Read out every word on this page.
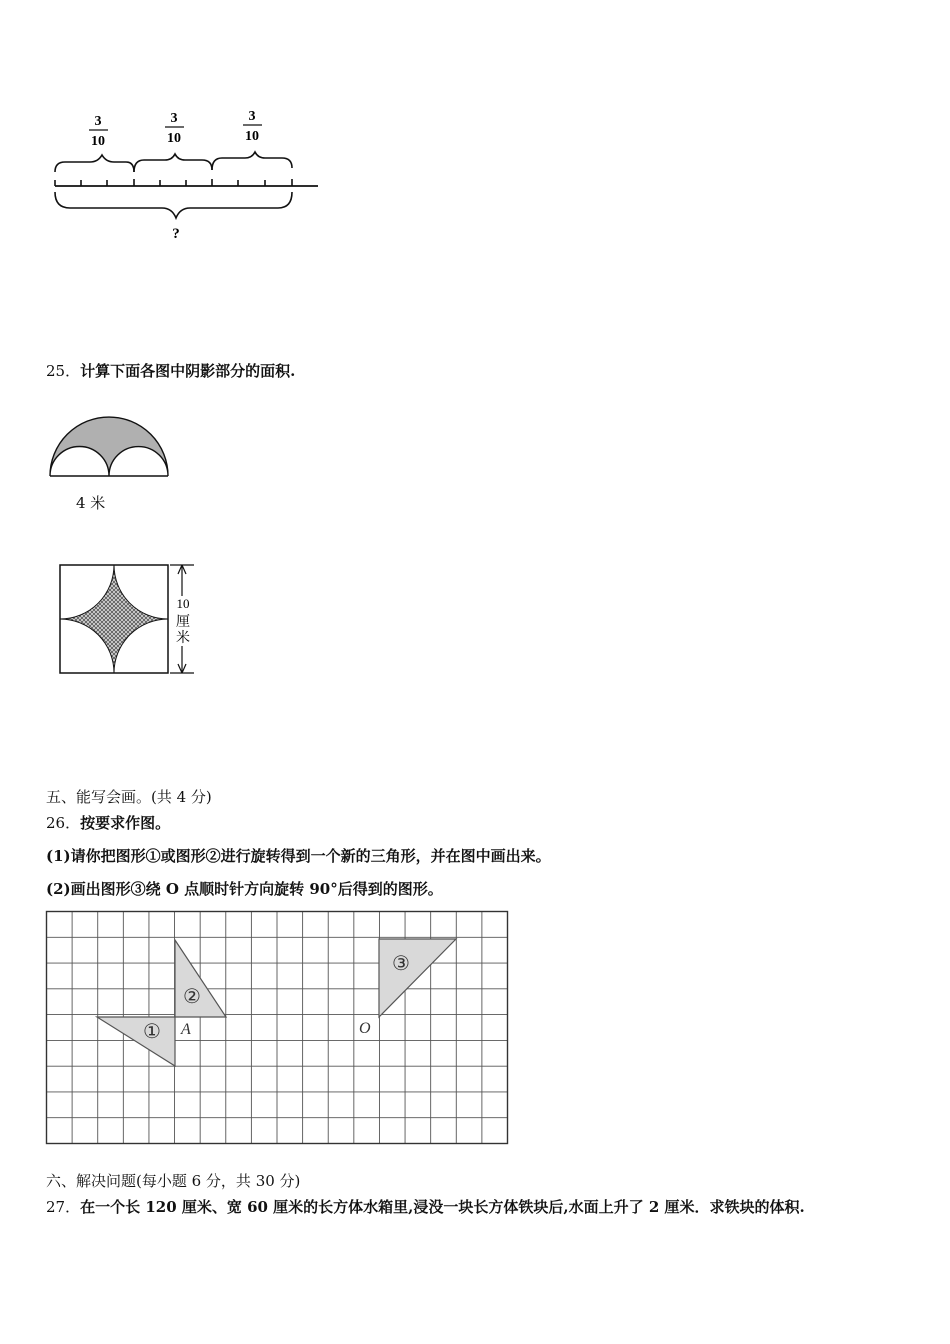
3
10
3
10
3
10
?
25．计算下面各图中阴影部分的面积.
4 米
10
厘
米
五、能写会画。(共 4 分)
26．按要求作图。
(1)请你把图形①或图形②进行旋转得到一个新的三角形，并在图中画出来。
(2)画出图形③绕 O 点顺时针方向旋转 90°后得到的图形。
①
②
③
A	O
六、解决问题(每小题 6 分，共 30 分)
27．在一个长 120 厘米、宽 60 厘米的长方体水箱里,浸没一块长方体铁块后,水面上升了 2 厘米．求铁块的体积.
